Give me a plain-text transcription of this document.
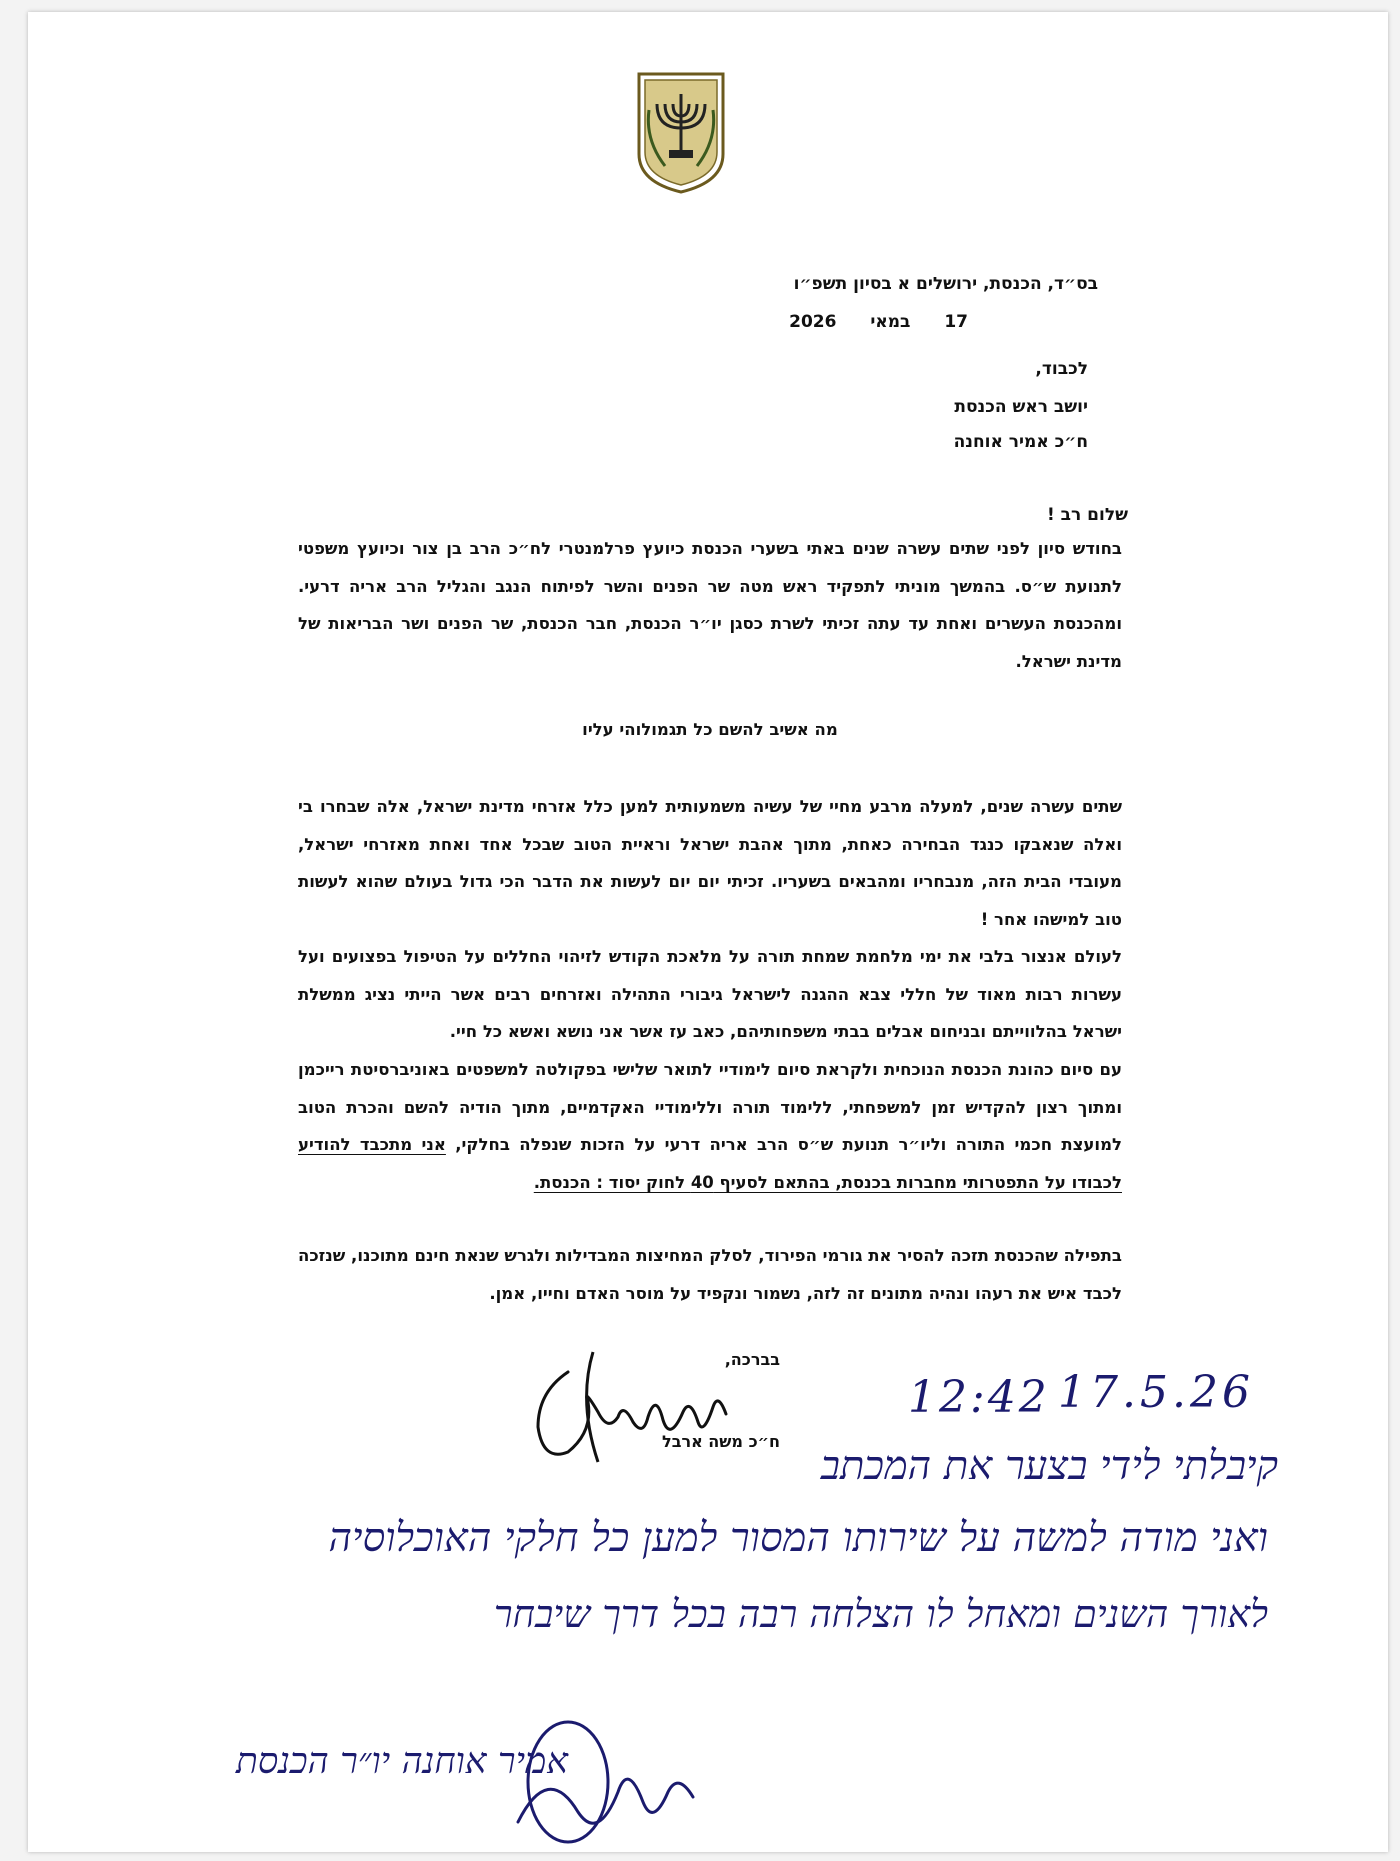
בס״ד, הכנסת, ירושלים א בסיון תשפ״ו
17 במאי 2026
לכבוד,
יושב ראש הכנסת
ח״כ אמיר אוחנה
שלום רב !
בחודש סיון לפני שתים עשרה שנים באתי בשערי הכנסת כיועץ פרלמנטרי לח״כ הרב בן צור וכיועץ משפטי לתנועת ש״ס. בהמשך מוניתי לתפקיד ראש מטה שר הפנים והשר לפיתוח הנגב והגליל הרב אריה דרעי. ומהכנסת העשרים ואחת עד עתה זכיתי לשרת כסגן יו״ר הכנסת, חבר הכנסת, שר הפנים ושר הבריאות של מדינת ישראל.
מה אשיב להשם כל תגמולוהי עליו
שתים עשרה שנים, למעלה מרבע מחיי של עשיה משמעותית למען כלל אזרחי מדינת ישראל, אלה שבחרו בי ואלה שנאבקו כנגד הבחירה כאחת, מתוך אהבת ישראל וראיית הטוב שבכל אחד ואחת מאזרחי ישראל, מעובדי הבית הזה, מנבחריו ומהבאים בשעריו. זכיתי יום יום לעשות את הדבר הכי גדול בעולם שהוא לעשות טוב למישהו אחר !
לעולם אנצור בלבי את ימי מלחמת שמחת תורה על מלאכת הקודש לזיהוי החללים על הטיפול בפצועים ועל עשרות רבות מאוד של חללי צבא ההגנה לישראל גיבורי התהילה ואזרחים רבים אשר הייתי נציג ממשלת ישראל בהלווייתם ובניחום אבלים בבתי משפחותיהם, כאב עז אשר אני נושא ואשא כל חיי.
עם סיום כהונת הכנסת הנוכחית ולקראת סיום לימודיי לתואר שלישי בפקולטה למשפטים באוניברסיטת רייכמן ומתוך רצון להקדיש זמן למשפחתי, ללימוד תורה וללימודיי האקדמיים, מתוך הודיה להשם והכרת הטוב למועצת חכמי התורה וליו״ר תנועת ש״ס הרב אריה דרעי על הזכות שנפלה בחלקי, אני מתכבד להודיע לכבודו על התפטרותי מחברות בכנסת, בהתאם לסעיף 40 לחוק יסוד : הכנסת.
בתפילה שהכנסת תזכה להסיר את גורמי הפירוד, לסלק המחיצות המבדילות ולגרש שנאת חינם מתוכנו, שנזכה לכבד איש את רעהו ונהיה מתונים זה לזה, נשמור ונקפיד על מוסר האדם וחייו, אמן.
בברכה,
ח״כ משה ארבל
12:42 17.5.26
קיבלתי לידי בצער את המכתב
ואני מודה למשה על שירותו המסור למען כל חלקי האוכלוסיה
לאורך השנים ומאחל לו הצלחה רבה בכל דרך שיבחר
אמיר אוחנה יו״ר הכנסת
